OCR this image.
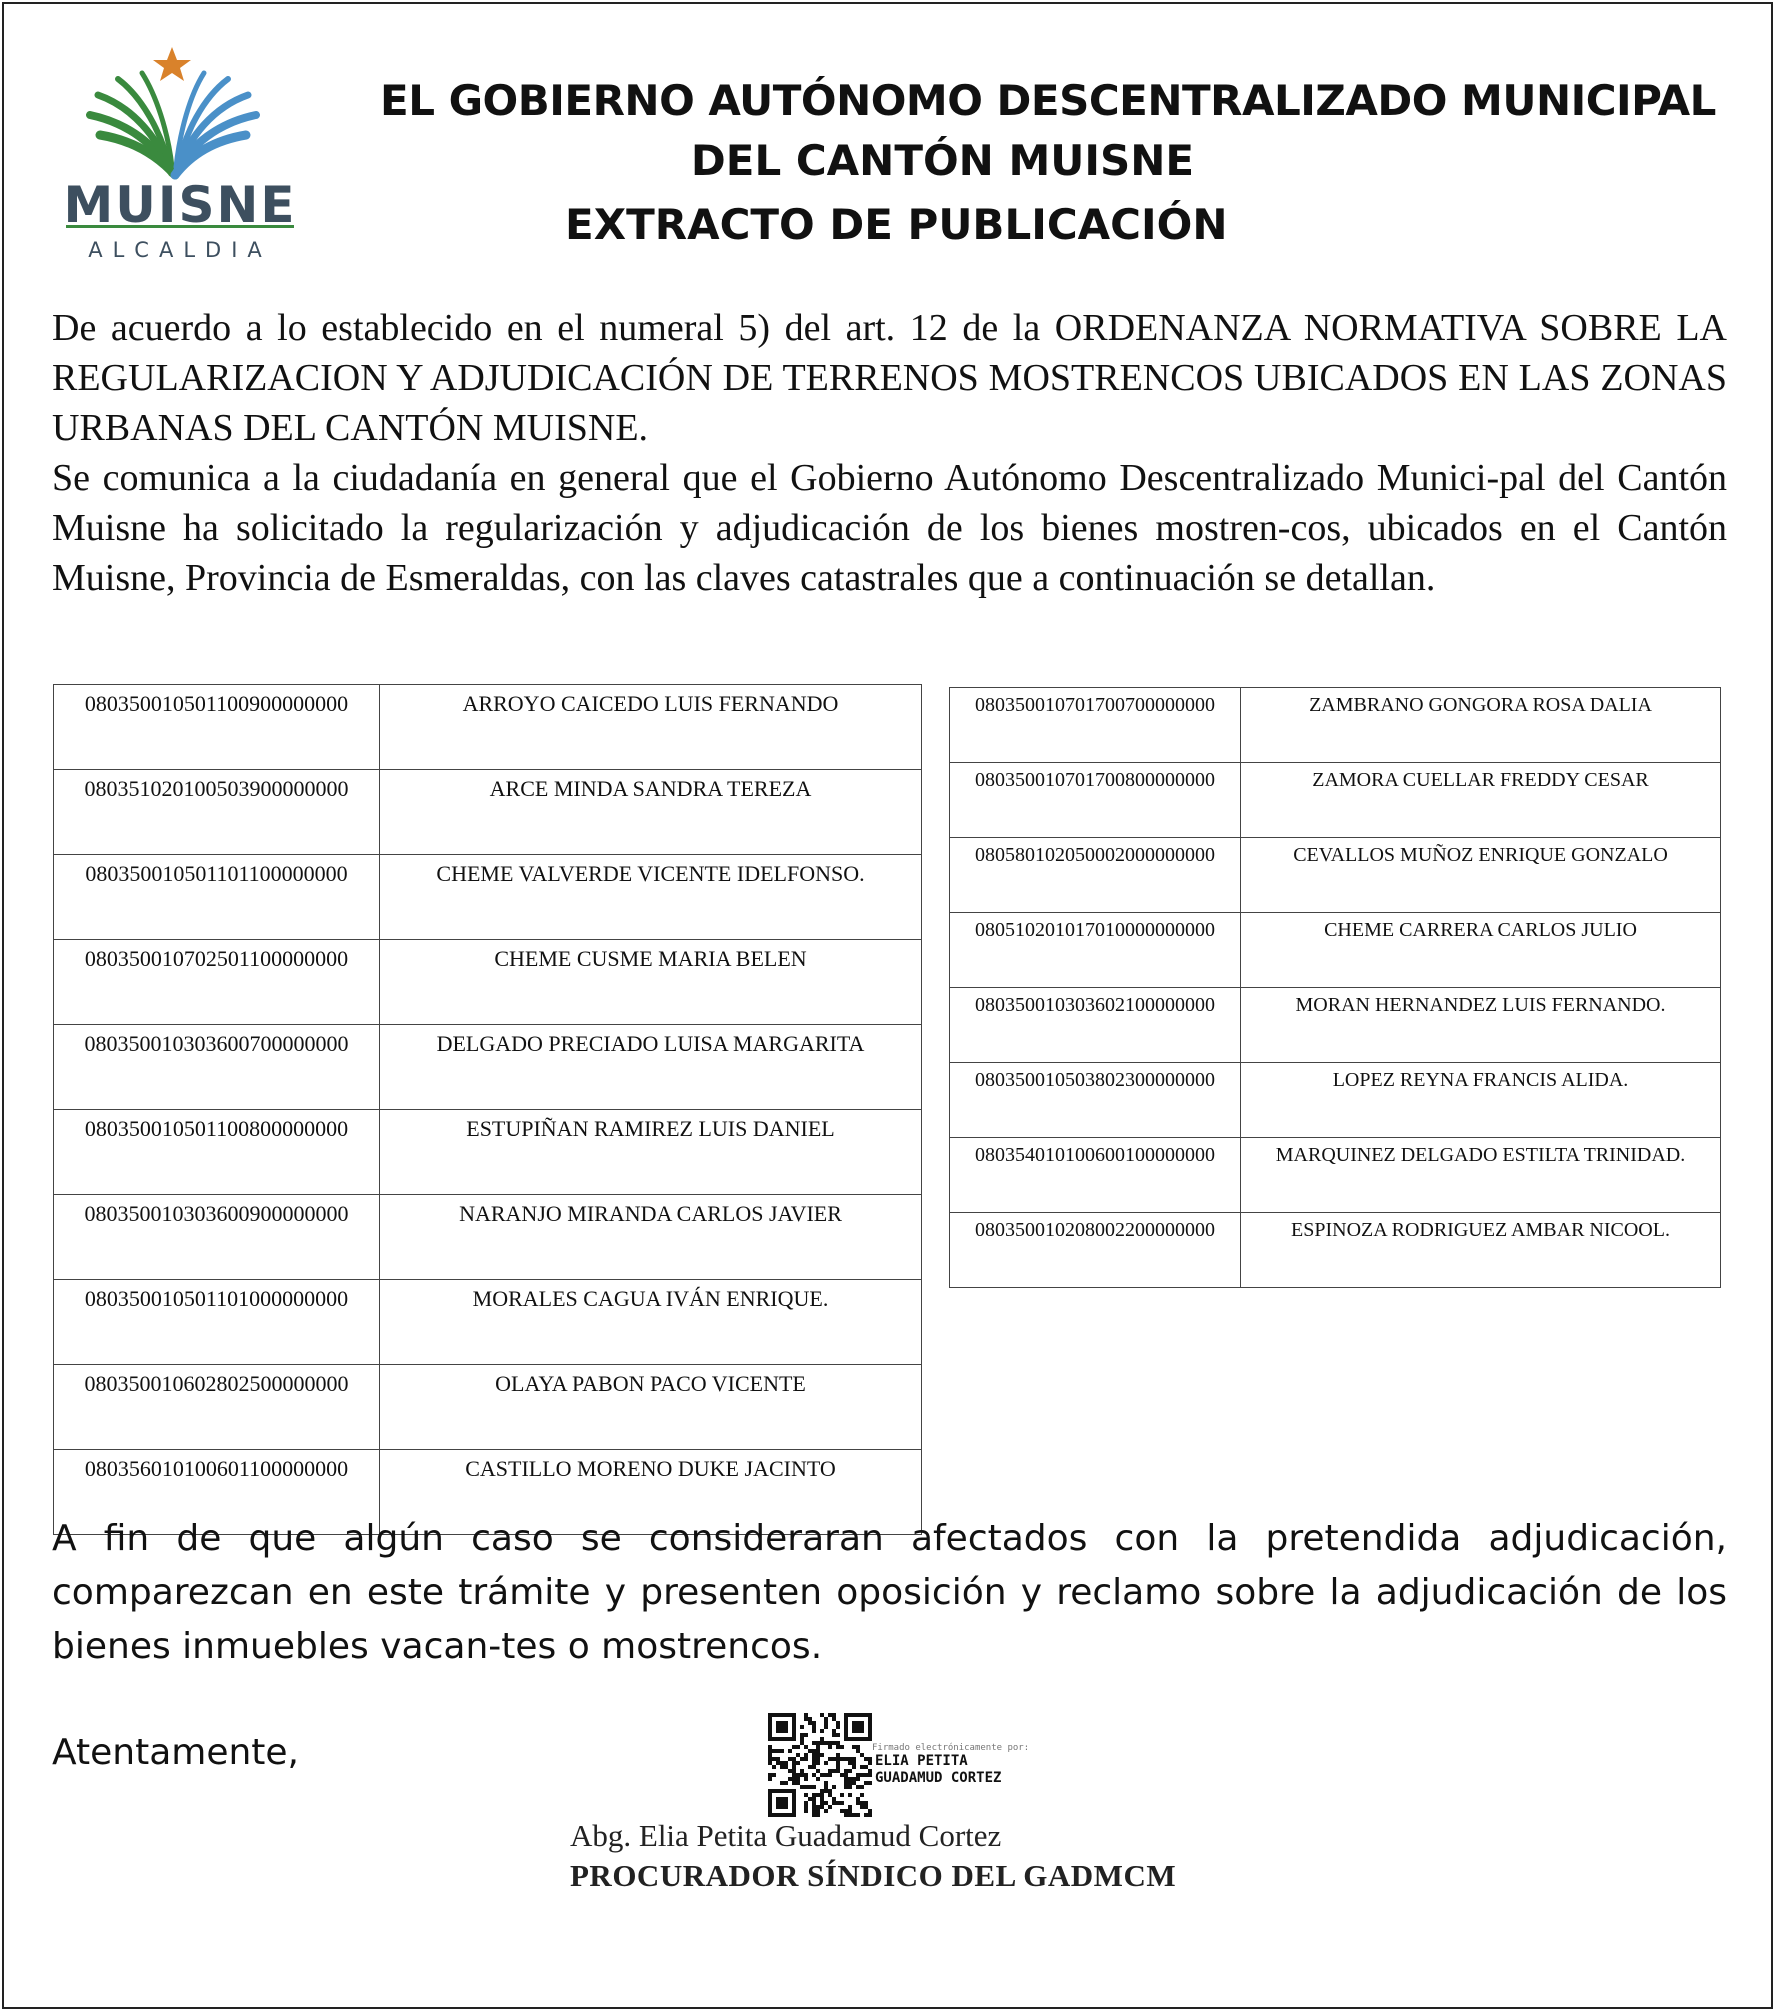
MUISNE
ALCALDIA
EL GOBIERNO AUTÓNOMO DESCENTRALIZADO MUNICIPAL
DEL CANTÓN MUISNE
EXTRACTO DE PUBLICACIÓN

De acuerdo a lo establecido en el numeral 5) del art. 12 de la ORDENANZA NORMATIVA SOBRE LA REGULARIZACION Y ADJUDICACIÓN DE TERRENOS MOSTRENCOS UBICADOS EN LAS ZONAS URBANAS DEL CANTÓN MUISNE.

Se comunica a la ciudadanía en general que el Gobierno Autónomo Descentralizado Munici-pal del Cantón Muisne ha solicitado la regularización y adjudicación de los bienes mostren-cos, ubicados en el Cantón Muisne, Provincia de Esmeraldas, con las claves catastrales que a continuación se detallan.

080350010501100900000000	ARROYO CAICEDO LUIS FERNANDO
080351020100503900000000	ARCE MINDA SANDRA TEREZA
080350010501101100000000	CHEME VALVERDE VICENTE IDELFONSO.
080350010702501100000000	CHEME CUSME MARIA BELEN
080350010303600700000000	DELGADO PRECIADO LUISA MARGARITA
080350010501100800000000	ESTUPIÑAN RAMIREZ LUIS DANIEL
080350010303600900000000	NARANJO MIRANDA CARLOS JAVIER
080350010501101000000000	MORALES CAGUA IVÁN ENRIQUE.
080350010602802500000000	OLAYA PABON PACO VICENTE
080356010100601100000000	CASTILLO MORENO DUKE JACINTO
080350010701700700000000	ZAMBRANO GONGORA ROSA DALIA
080350010701700800000000	ZAMORA CUELLAR FREDDY CESAR
080580102050002000000000	CEVALLOS MUÑOZ ENRIQUE GONZALO
080510201017010000000000	CHEME CARRERA CARLOS JULIO
080350010303602100000000	MORAN HERNANDEZ LUIS FERNANDO.
080350010503802300000000	LOPEZ REYNA FRANCIS ALIDA.
080354010100600100000000	MARQUINEZ DELGADO ESTILTA TRINIDAD.
080350010208002200000000	ESPINOZA RODRIGUEZ AMBAR NICOOL.
A fin de que algún caso se consideraran afectados con la pretendida adjudicación, comparezcan en este trámite y presenten oposición y reclamo sobre la adjudicación de los bienes inmuebles vacan-tes o mostrencos.
Atentamente,	Firmado electrónicamente por:
ELIA PETITA
GUADAMUD CORTEZ
Abg. Elia Petita Guadamud Cortez
PROCURADOR SÍNDICO DEL GADMCM
